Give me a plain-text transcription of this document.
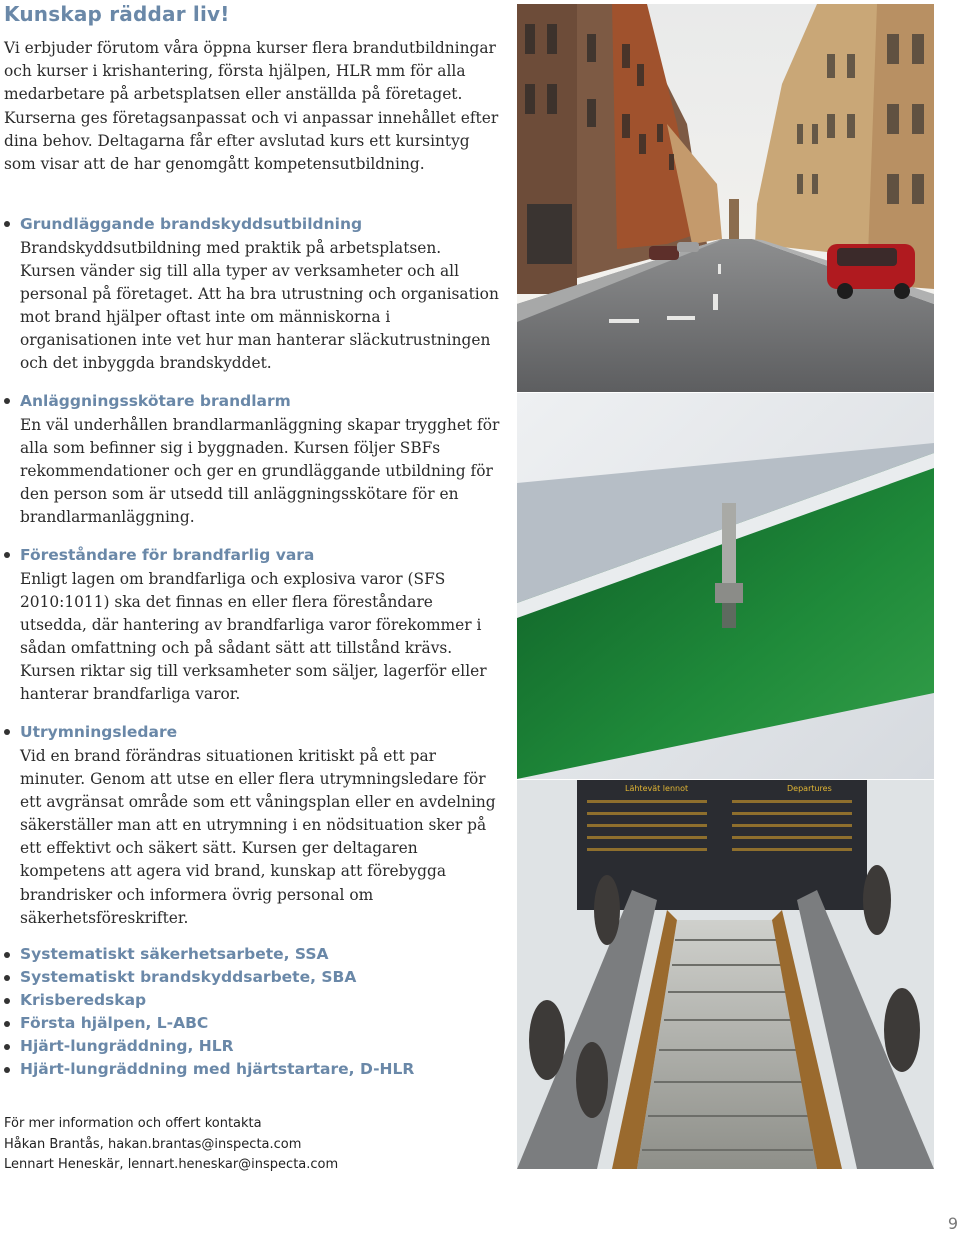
Kunskap räddar liv!

Vi erbjuder förutom våra öppna kurser flera brandutbildningar och kurser i krishantering, första hjälpen, HLR mm för alla medarbetare på arbetsplatsen eller anställda på företaget. Kurserna ges företagsanpassat och vi anpassar innehållet efter dina behov. Deltagarna får efter avslutad kurs ett kursintyg som visar att de har genomgått kompetensutbildning.

Grundläggande brandskyddsutbildning

Brandskyddsutbildning med praktik på arbetsplatsen. Kursen vänder sig till alla typer av verksamheter och all personal på företaget. Att ha bra utrustning och organisation mot brand hjälper oftast inte om människorna i organisationen inte vet hur man hanterar släckutrustningen och det inbyggda brandskyddet.

Anläggningsskötare brandlarm

En väl underhållen brandlarmanläggning skapar trygghet för alla som befinner sig i byggnaden. Kursen följer SBFs rekommendationer och ger en grundläggande utbildning för den person som är utsedd till anläggningsskötare för en brandlarmanläggning.

Föreståndare för brandfarlig vara

Enligt lagen om brandfarliga och explosiva varor (SFS 2010:1011) ska det finnas en eller flera föreståndare utsedda, där hantering av brandfarliga varor förekommer i sådan omfattning och på sådant sätt att tillstånd krävs. Kursen riktar sig till verksamheter som säljer, lagerför eller hanterar brandfarliga varor.

Utrymningsledare

Vid en brand förändras situationen kritiskt på ett par minuter. Genom att utse en eller flera utrymningsledare för ett avgränsat område som ett våningsplan eller en avdelning säkerställer man att en utrymning i en nödsituation sker på ett effektivt och säkert sätt. Kursen ger deltagaren kompetens att agera vid brand, kunskap att förebygga brandrisker och informera övrig personal om säkerhetsföreskrifter.

Systematiskt säkerhetsarbete, SSA
Systematiskt brandskyddsarbete, SBA
Krisberedskap
Första hjälpen, L-ABC
Hjärt-lungräddning, HLR
Hjärt-lungräddning med hjärtstartare, D-HLR
För mer information och offert kontakta
Håkan Brantås, hakan.brantas@inspecta.com
Lennart Heneskär, lennart.heneskar@inspecta.com
Lähtevät lennot	Departures
9
